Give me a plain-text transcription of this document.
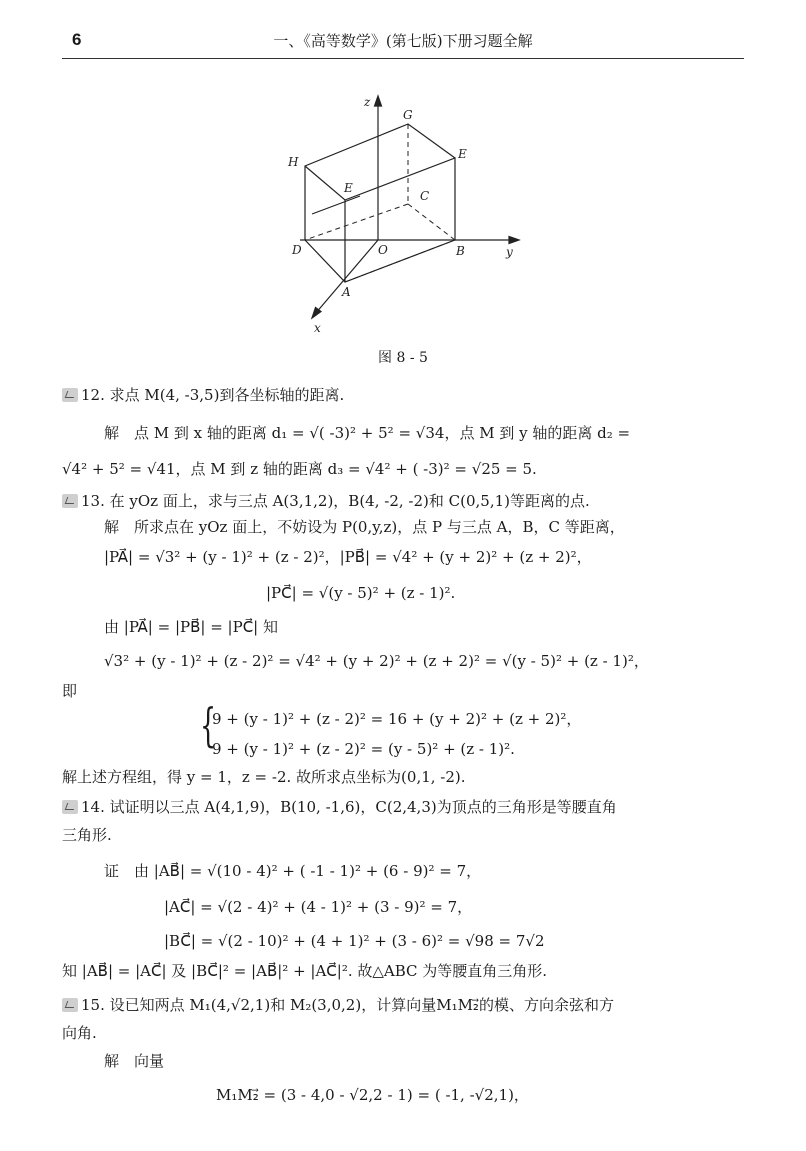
6	一、《高等数学》(第七版)下册习题全解
z
y
x
G
H
E
E
C
D	O	B
A
图 8 - 5
12. 求点 M(4, -3,5)到各坐标轴的距离.
解　点 M 到 x 轴的距离 d₁ = √( -3)² + 5² = √34，点 M 到 y 轴的距离 d₂ =
√4² + 5² = √41，点 M 到 z 轴的距离 d₃ = √4² + ( -3)² = √25 = 5.
13. 在 yOz 面上，求与三点 A(3,1,2)，B(4, -2, -2)和 C(0,5,1)等距离的点.
解　所求点在 yOz 面上，不妨设为 P(0,y,z)，点 P 与三点 A，B，C 等距离，
|PA⃗| = √3² + (y - 1)² + (z - 2)²，|PB⃗| = √4² + (y + 2)² + (z + 2)²，
|PC⃗| = √(y - 5)² + (z - 1)².
由 |PA⃗| = |PB⃗| = |PC⃗| 知
√3² + (y - 1)² + (z - 2)² = √4² + (y + 2)² + (z + 2)² = √(y - 5)² + (z - 1)²，
即
{
9 + (y - 1)² + (z - 2)² = 16 + (y + 2)² + (z + 2)²，
9 + (y - 1)² + (z - 2)² = (y - 5)² + (z - 1)².
解上述方程组，得 y = 1，z = -2. 故所求点坐标为(0,1, -2).
14. 试证明以三点 A(4,1,9)，B(10, -1,6)，C(2,4,3)为顶点的三角形是等腰直角
三角形.
证　由 |AB⃗| = √(10 - 4)² + ( -1 - 1)² + (6 - 9)² = 7，
|AC⃗| = √(2 - 4)² + (4 - 1)² + (3 - 9)² = 7，
|BC⃗| = √(2 - 10)² + (4 + 1)² + (3 - 6)² = √98 = 7√2
知 |AB⃗| = |AC⃗| 及 |BC⃗|² = |AB⃗|² + |AC⃗|². 故△ABC 为等腰直角三角形.
15. 设已知两点 M₁(4,√2,1)和 M₂(3,0,2)，计算向量M₁M₂⃗的模、方向余弦和方
向角.
解　向量
M₁M₂⃗ = (3 - 4,0 - √2,2 - 1) = ( -1, -√2,1)，
